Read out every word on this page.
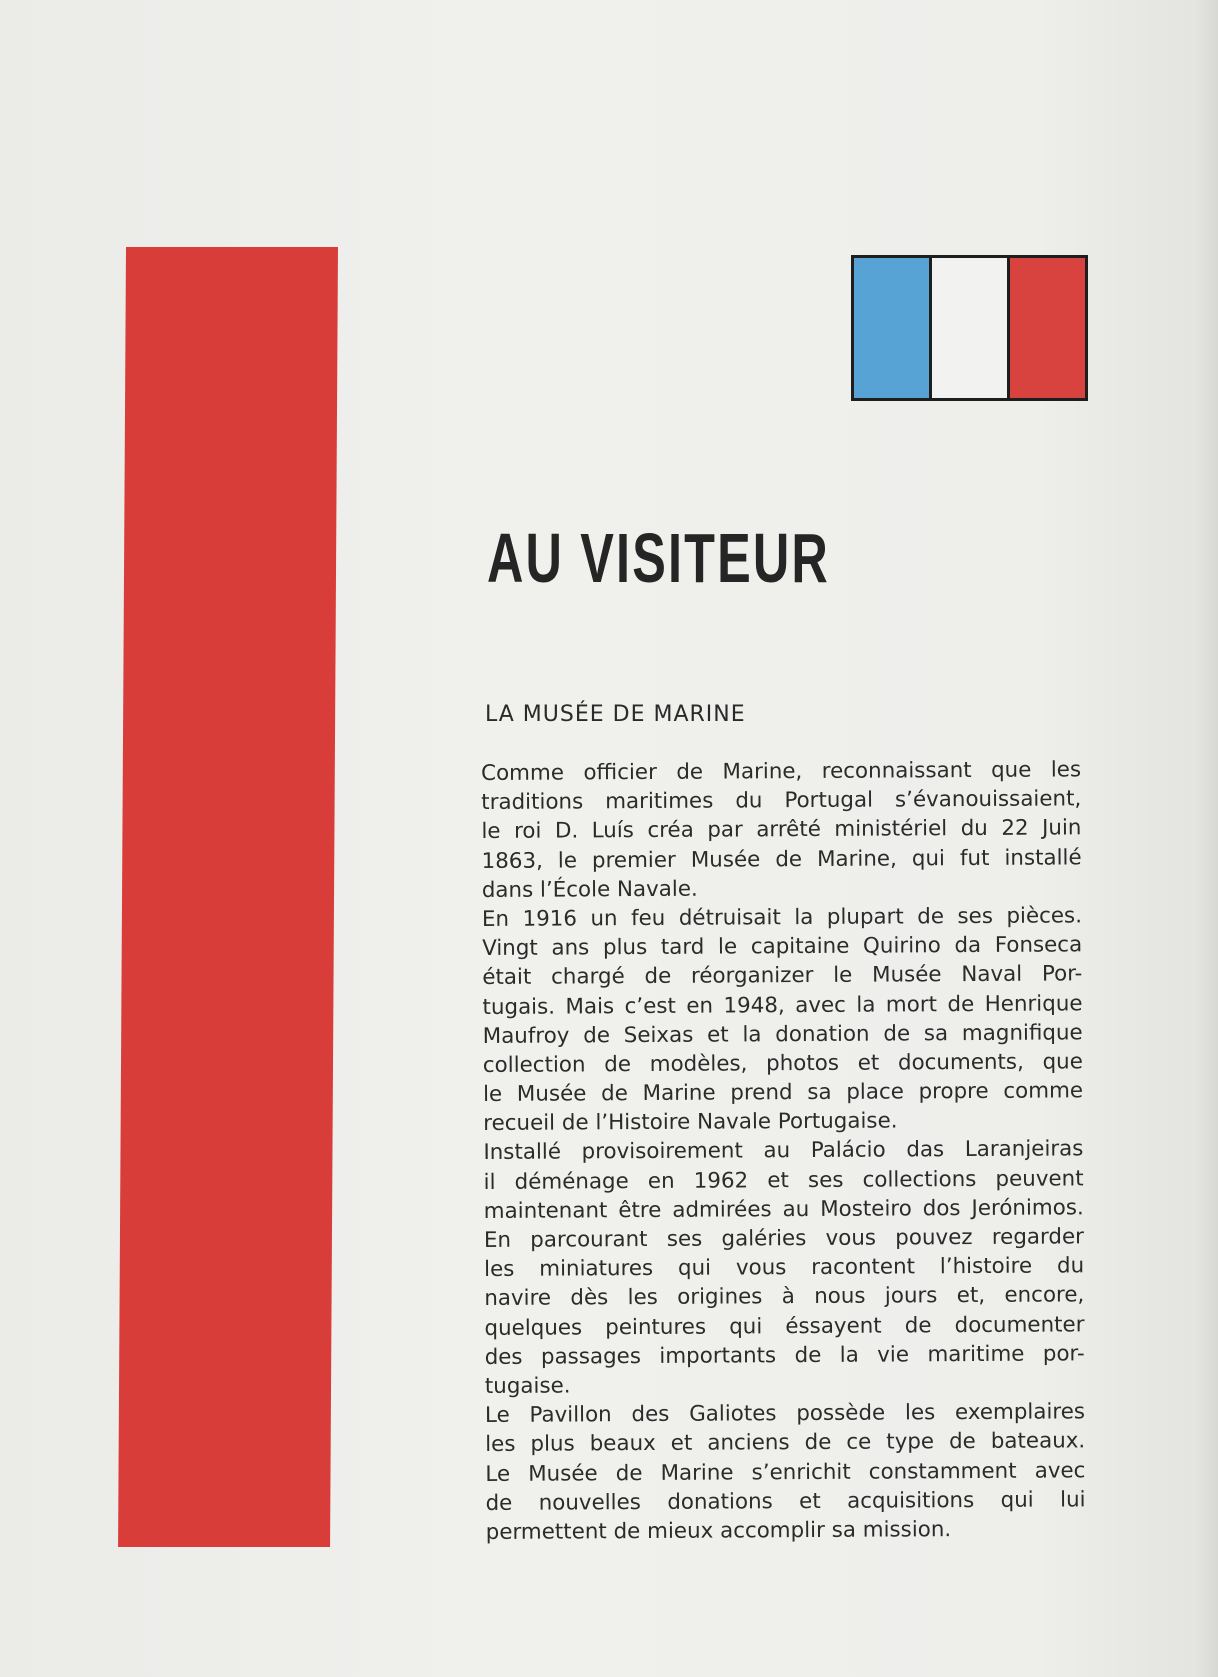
AU VISITEUR
LA MUSÉE DE MARINE
Comme officier de Marine, reconnaissant que les
traditions maritimes du Portugal s’évanouissaient,
le roi D. Luís créa par arrêté ministériel du 22 Juin
1863, le premier Musée de Marine, qui fut installé
dans l’École Navale.
En 1916 un feu détruisait la plupart de ses pièces.
Vingt ans plus tard le capitaine Quirino da Fonseca
était chargé de réorganizer le Musée Naval Por-
tugais. Mais c’est en 1948, avec la mort de Henrique
Maufroy de Seixas et la donation de sa magnifique
collection de modèles, photos et documents, que
le Musée de Marine prend sa place propre comme
recueil de l’Histoire Navale Portugaise.
Installé provisoirement au Palácio das Laranjeiras
il déménage en 1962 et ses collections peuvent
maintenant être admirées au Mosteiro dos Jerónimos.
En parcourant ses galéries vous pouvez regarder
les miniatures qui vous racontent l’histoire du
navire dès les origines à nous jours et, encore,
quelques peintures qui éssayent de documenter
des passages importants de la vie maritime por-
tugaise.
Le Pavillon des Galiotes possède les exemplaires
les plus beaux et anciens de ce type de bateaux.
Le Musée de Marine s’enrichit constamment avec
de nouvelles donations et acquisitions qui lui
permettent de mieux accomplir sa mission.
